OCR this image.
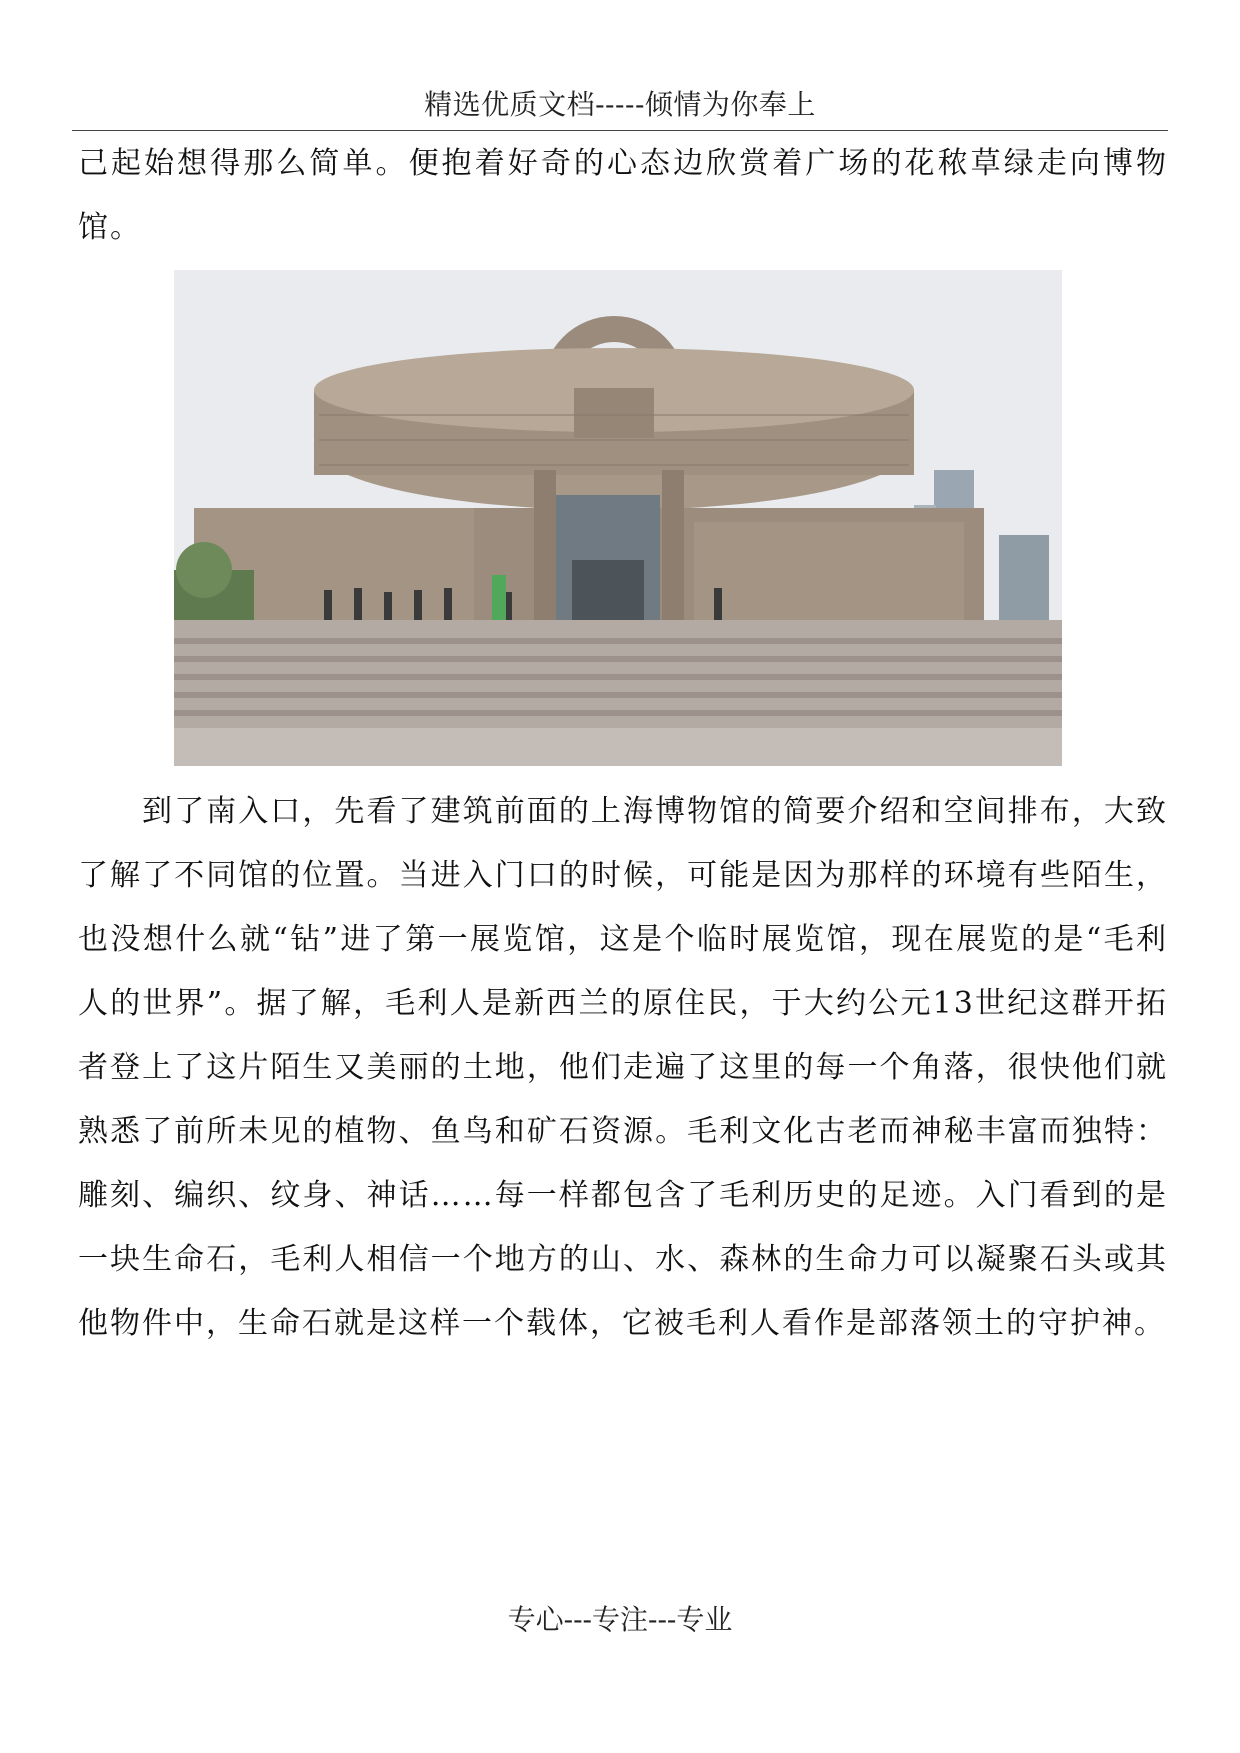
精选优质文档-----倾情为你奉上

己起始想得那么简单。便抱着好奇的心态边欣赏着广场的花秾草绿走向博物馆。

到了南入口，先看了建筑前面的上海博物馆的简要介绍和空间排布，大致了解了不同馆的位置。当进入门口的时候，可能是因为那样的环境有些陌生，也没想什么就“钻”进了第一展览馆，这是个临时展览馆，现在展览的是“毛利人的世界”。据了解，毛利人是新西兰的原住民，于大约公元13世纪这群开拓者登上了这片陌生又美丽的土地，他们走遍了这里的每一个角落，很快他们就熟悉了前所未见的植物、鱼鸟和矿石资源。毛利文化古老而神秘丰富而独特：雕刻、编织、纹身、神话……每一样都包含了毛利历史的足迹。入门看到的是一块生命石，毛利人相信一个地方的山、水、森林的生命力可以凝聚石头或其他物件中，生命石就是这样一个载体，它被毛利人看作是部落领土的守护神。

专心---专注---专业
